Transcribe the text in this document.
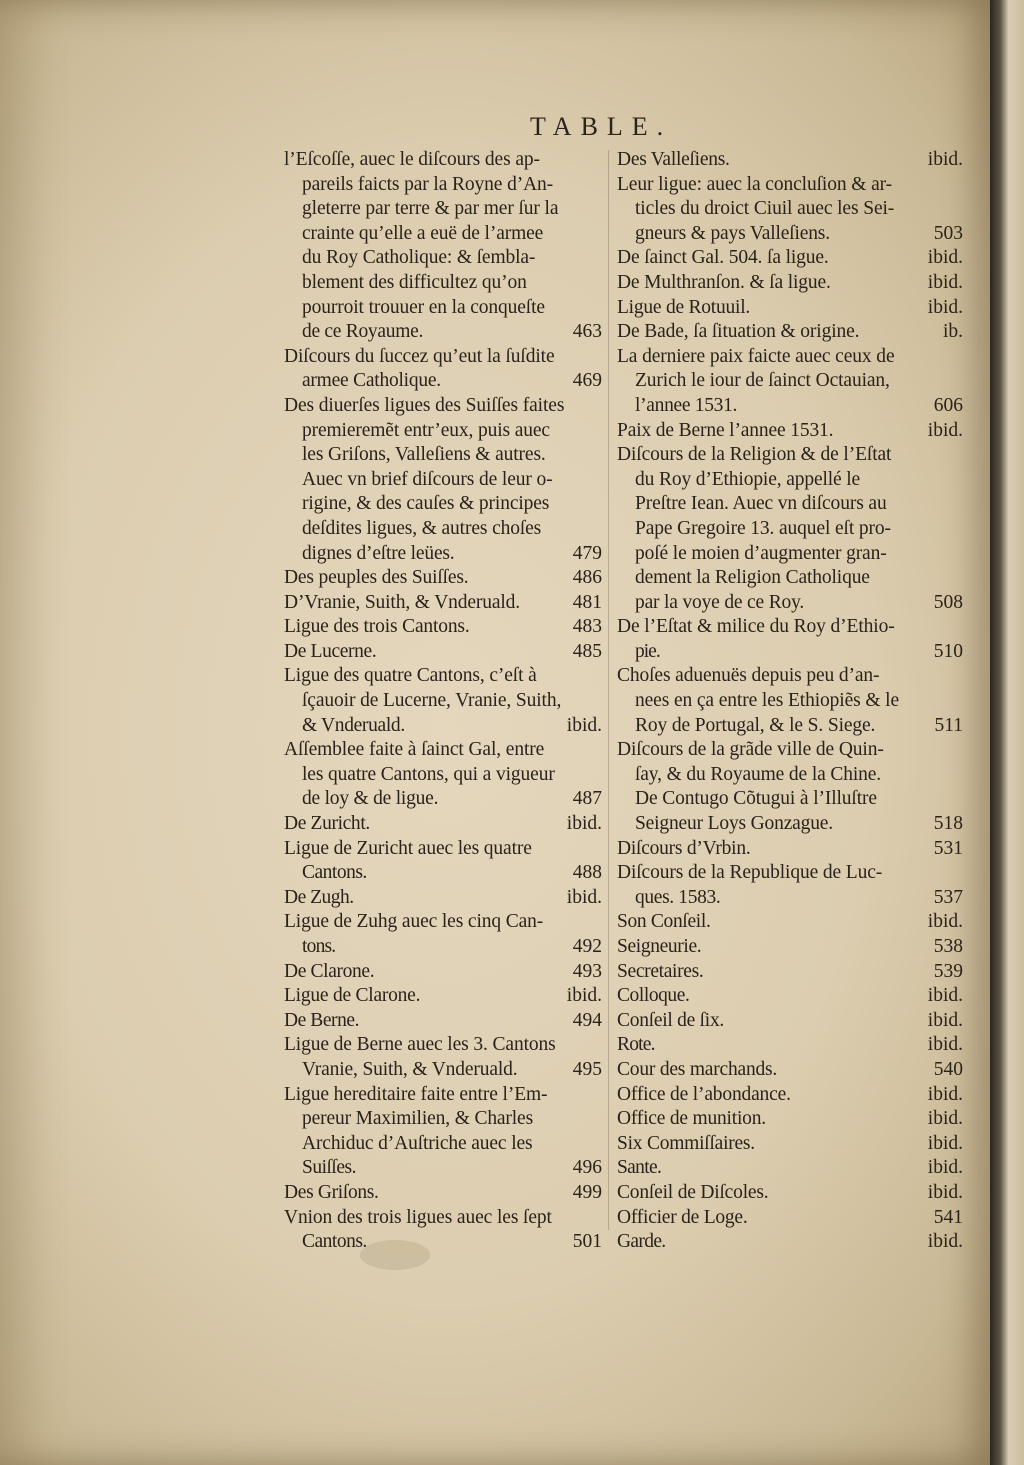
TABLE.
l’Eſcoſſe, auec le diſcours des ap-
pareils faicts par la Royne d’An-
gleterre par terre & par mer ſur la
crainte qu’elle a euë de l’armee
du Roy Catholique: & ſembla-
blement des difficultez qu’on
pourroit trouuer en la conqueſte
de ce Royaume.	463
Diſcours du ſuccez qu’eut la ſuſdite
armee Catholique.	469
Des diuerſes ligues des Suiſſes faites
premieremẽt entr’eux, puis auec
les Griſons, Valleſiens & autres.
Auec vn brief diſcours de leur o-
rigine, & des cauſes & principes
deſdites ligues, & autres choſes
dignes d’eſtre leües.	479
Des peuples des Suiſſes.	486
D’Vranie, Suith, & Vnderuald.	481
Ligue des trois Cantons.	483
De Lucerne.	485
Ligue des quatre Cantons, c’eſt à
ſçauoir de Lucerne, Vranie, Suith,
& Vnderuald.	ibid.
Aſſemblee faite à ſainct Gal, entre
les quatre Cantons, qui a vigueur
de loy & de ligue.	487
De Zuricht.	ibid.
Ligue de Zuricht auec les quatre
Cantons.	488
De Zugh.	ibid.
Ligue de Zuhg auec les cinq Can-
tons.	492
De Clarone.	493
Ligue de Clarone.	ibid.
De Berne.	494
Ligue de Berne auec les 3. Cantons
Vranie, Suith, & Vnderuald.	495
Ligue hereditaire faite entre l’Em-
pereur Maximilien, & Charles
Archiduc d’Auſtriche auec les
Suiſſes.	496
Des Griſons.	499
Vnion des trois ligues auec les ſept
Cantons.	501
Des Valleſiens.	ibid.
Leur ligue: auec la concluſion & ar-
ticles du droict Ciuil auec les Sei-
gneurs & pays Valleſiens.	503
De ſainct Gal. 504. ſa ligue.	ibid.
De Multhranſon. & ſa ligue.	ibid.
Ligue de Rotuuil.	ibid.
De Bade, ſa ſituation & origine.	ib.
La derniere paix faicte auec ceux de
Zurich le iour de ſainct Octauian,
l’annee 1531.	606
Paix de Berne l’annee 1531.	ibid.
Diſcours de la Religion & de l’Eſtat
du Roy d’Ethiopie, appellé le
Preſtre Iean. Auec vn diſcours au
Pape Gregoire 13. auquel eſt pro-
poſé le moien d’augmenter gran-
dement la Religion Catholique
par la voye de ce Roy.	508
De l’Eſtat & milice du Roy d’Ethio-
pie.	510
Choſes aduenuës depuis peu d’an-
nees en ça entre les Ethiopiẽs & le
Roy de Portugal, & le S. Siege.	511
Diſcours de la grãde ville de Quin-
ſay, & du Royaume de la Chine.
De Contugo Cõtugui à l’Illuſtre
Seigneur Loys Gonzague.	518
Diſcours d’Vrbin.	531
Diſcours de la Republique de Luc-
ques. 1583.	537
Son Conſeil.	ibid.
Seigneurie.	538
Secretaires.	539
Colloque.	ibid.
Conſeil de ſix.	ibid.
Rote.	ibid.
Cour des marchands.	540
Office de l’abondance.	ibid.
Office de munition.	ibid.
Six Commiſſaires.	ibid.
Sante.	ibid.
Conſeil de Diſcoles.	ibid.
Officier de Loge.	541
Garde.	ibid.
